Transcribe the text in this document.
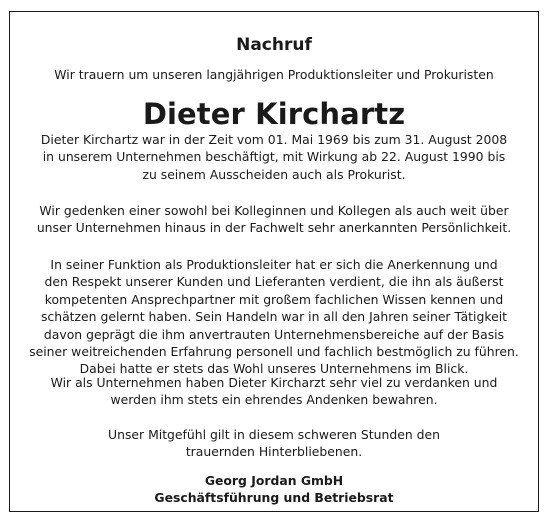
Nachruf
Wir trauern um unseren langjährigen Produktionsleiter und Prokuristen
Dieter Kirchartz
Dieter Kirchartz war in der Zeit vom 01. Mai 1969 bis zum 31. August 2008
in unserem Unternehmen beschäftigt, mit Wirkung ab 22. August 1990 bis
zu seinem Ausscheiden auch als Prokurist.
Wir gedenken einer sowohl bei Kolleginnen und Kollegen als auch weit über
unser Unternehmen hinaus in der Fachwelt sehr anerkannten Persönlichkeit.
In seiner Funktion als Produktionsleiter hat er sich die Anerkennung und
den Respekt unserer Kunden und Lieferanten verdient, die ihn als äußerst
kompetenten Ansprechpartner mit großem fachlichen Wissen kennen und
schätzen gelernt haben. Sein Handeln war in all den Jahren seiner Tätigkeit
davon geprägt die ihm anvertrauten Unternehmensbereiche auf der Basis
seiner weitreichenden Erfahrung personell und fachlich bestmöglich zu führen.
Dabei hatte er stets das Wohl unseres Unternehmens im Blick.
Wir als Unternehmen haben Dieter Kircharzt sehr viel zu verdanken und
werden ihm stets ein ehrendes Andenken bewahren.
Unser Mitgefühl gilt in diesem schweren Stunden den
trauernden Hinterbliebenen.
Georg Jordan GmbH
Geschäftsführung und Betriebsrat
